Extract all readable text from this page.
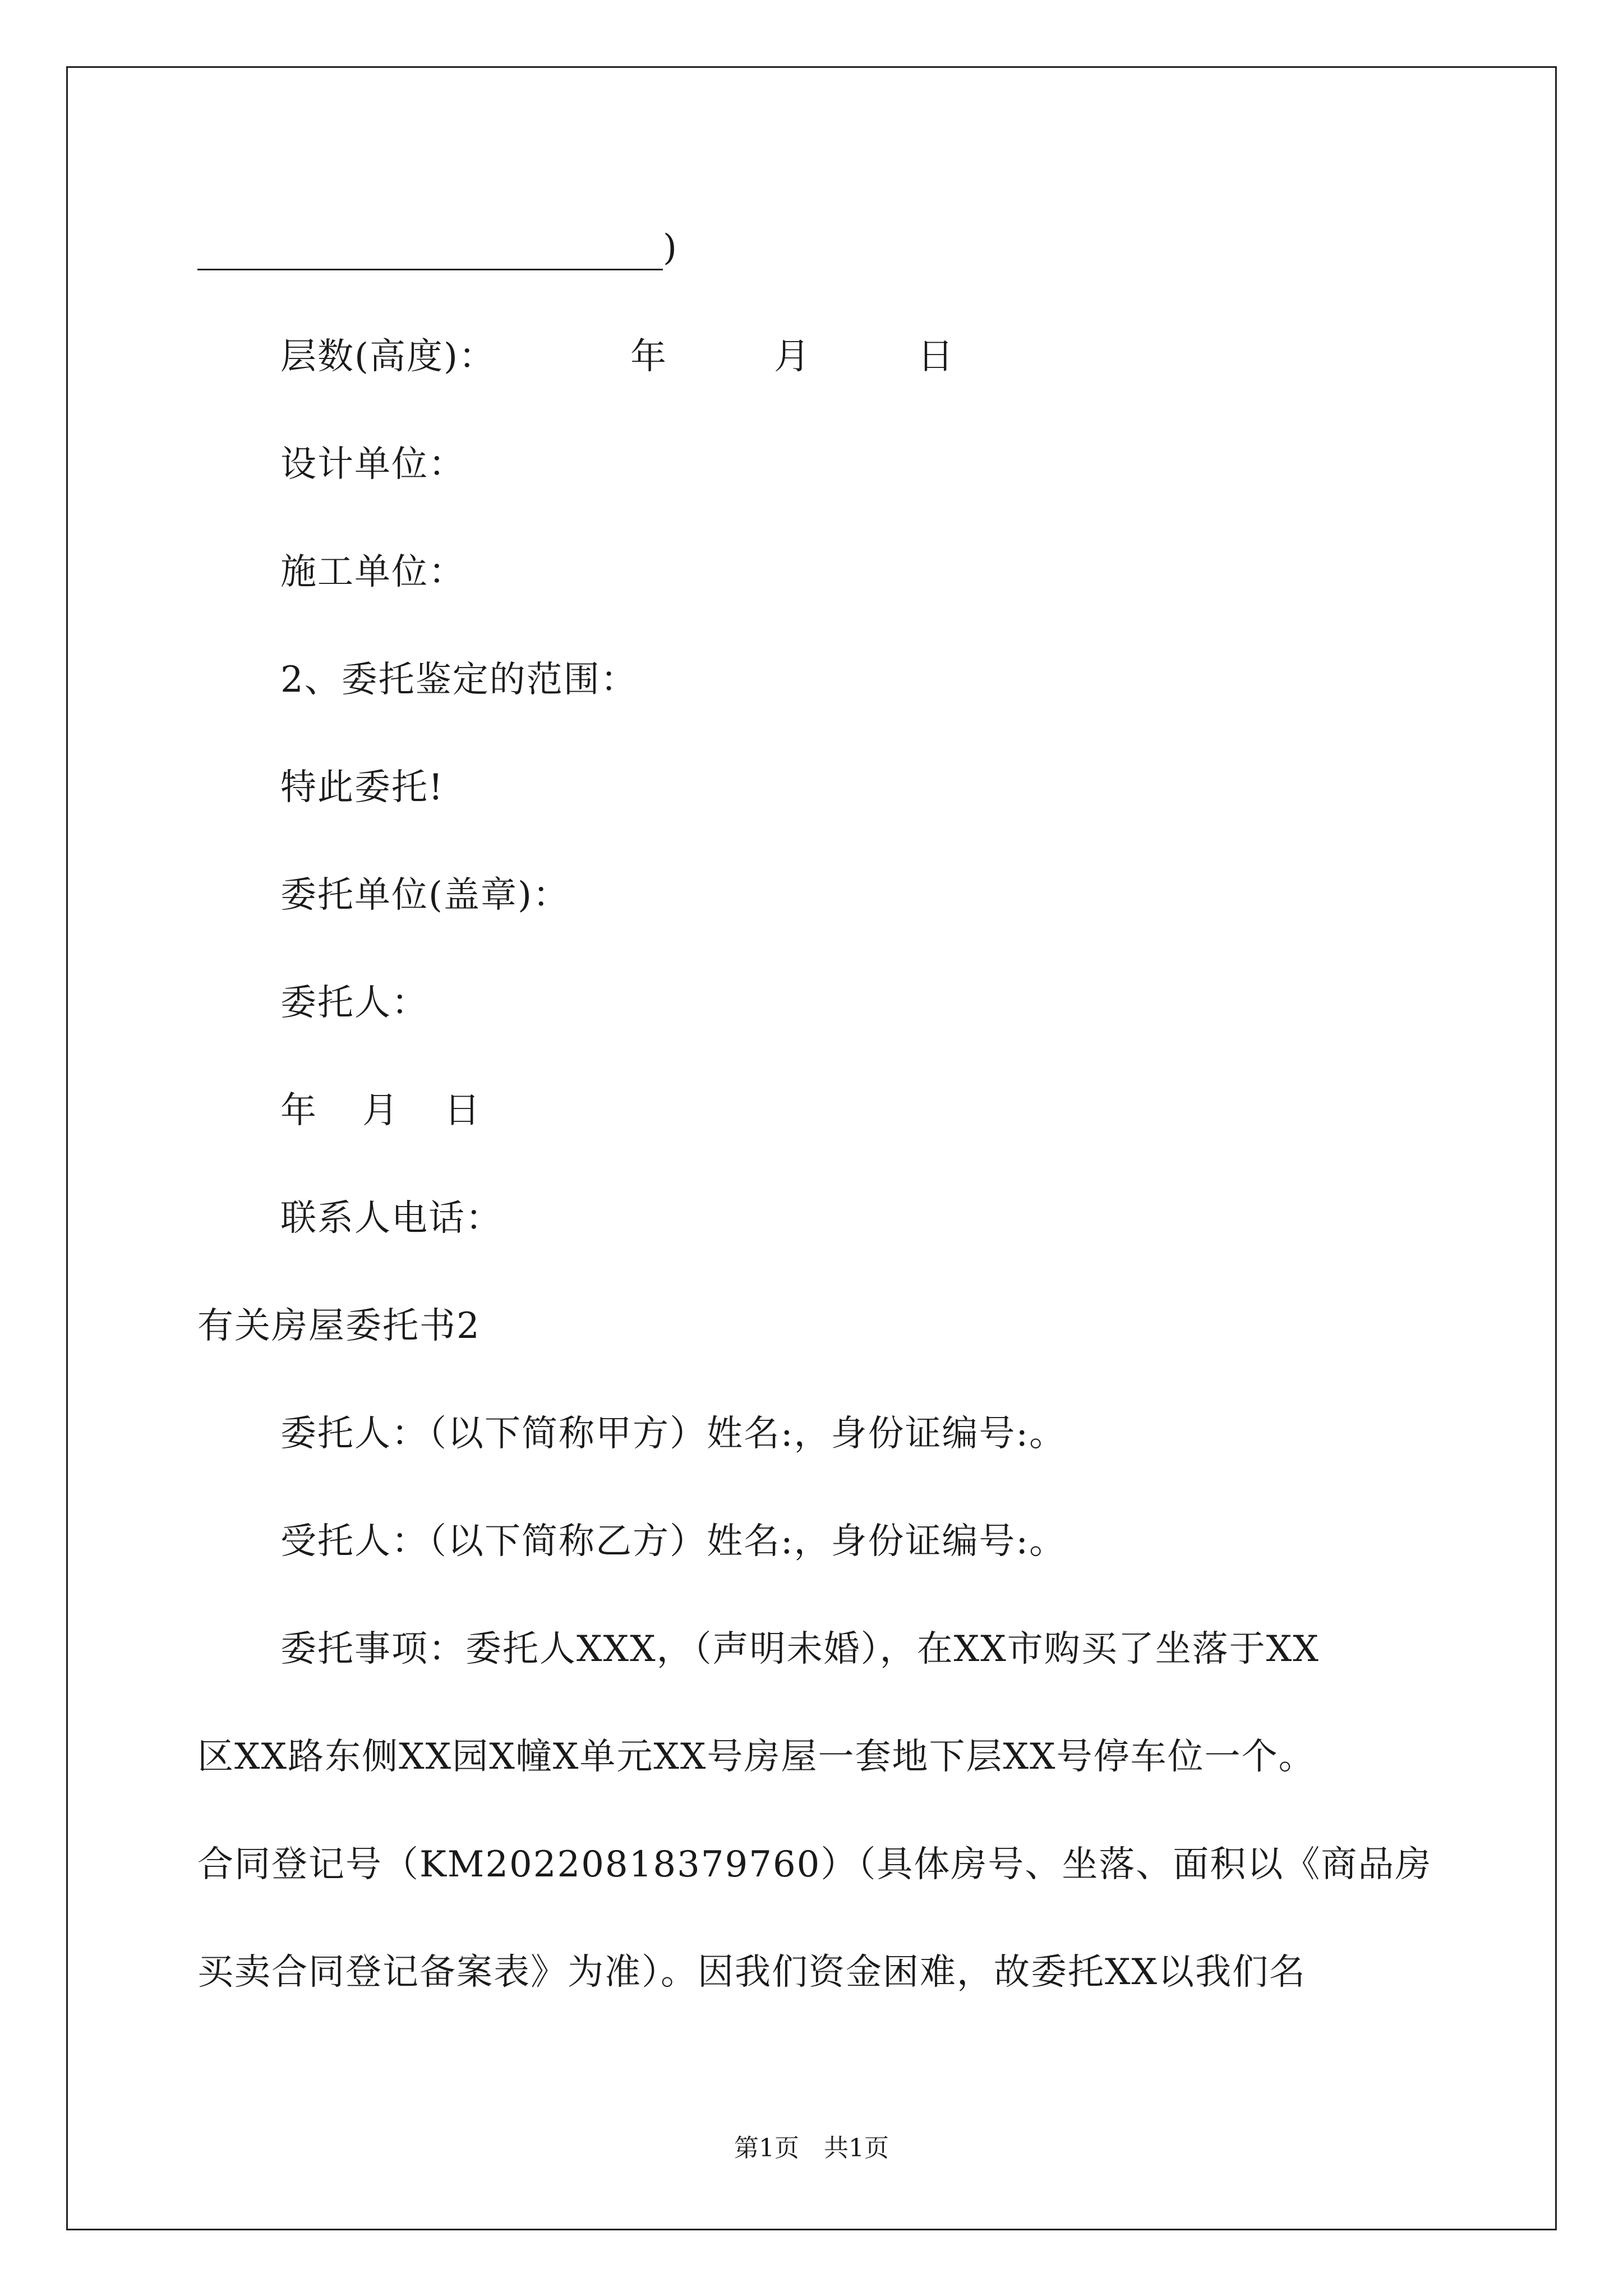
)
层数(高度)：	年	月	日
设计单位：
施工单位：
2、委托鉴定的范围：
特此委托!
委托单位(盖章)：
委托人：
年 月 日
联系人电话：
有关房屋委托书2
委托人：（以下简称甲方）姓名:，身份证编号:。
受托人：（以下简称乙方）姓名:，身份证编号:。
委托事项：委托人XXX，（声明未婚），在XX市购买了坐落于XX
区XX路东侧XX园X幢X单元XX号房屋一套地下层XX号停车位一个。
合同登记号（KM20220818379760）（具体房号、坐落、面积以《商品房
买卖合同登记备案表》为准）。因我们资金困难，故委托XX以我们名
第1页 共1页
